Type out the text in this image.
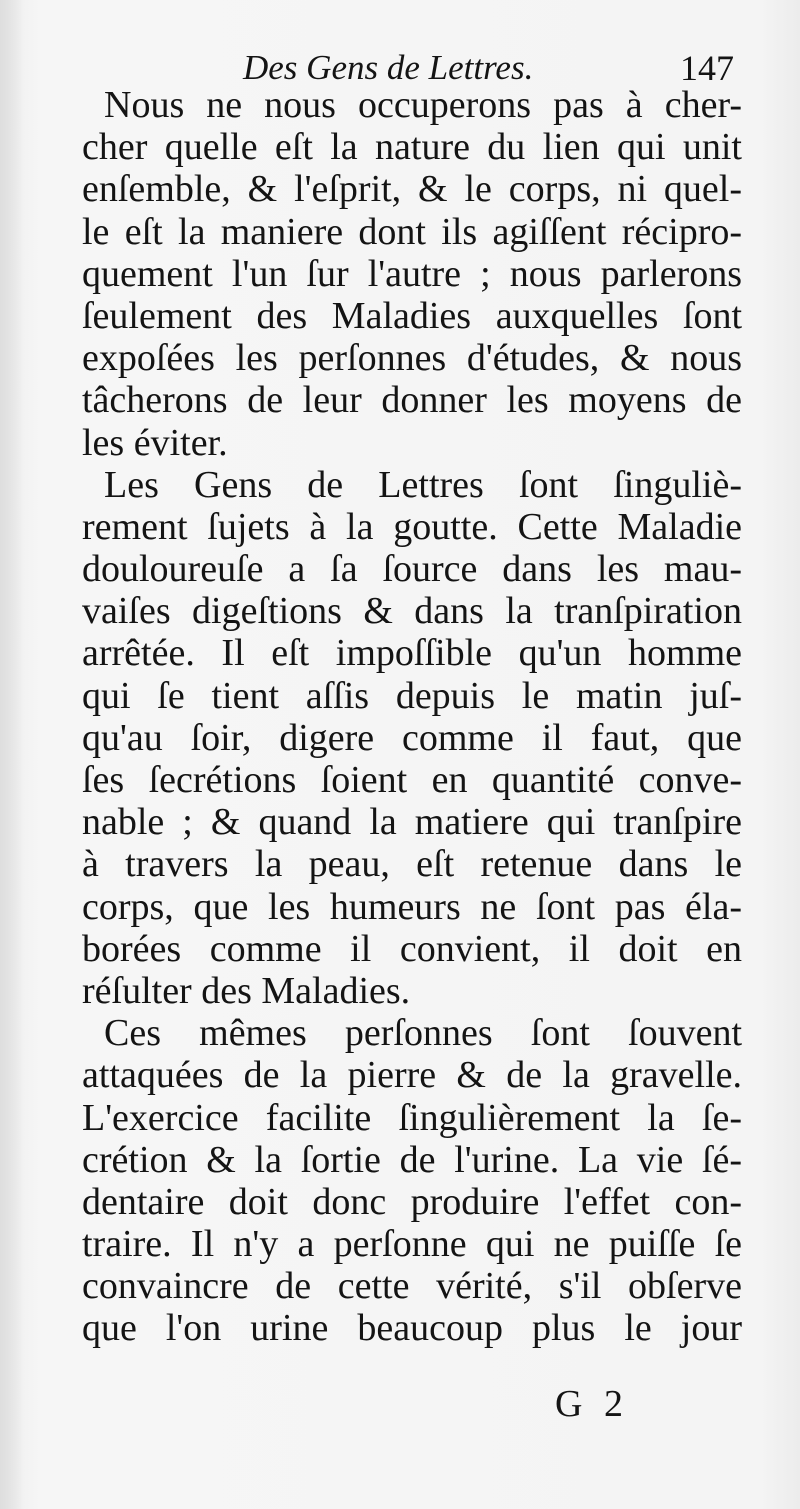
Des Gens de Lettres.	147

Nous ne nous occuperons pas à cher-
cher quelle eſt la nature du lien qui unit
enſemble, & l'eſprit, & le corps, ni quel-
le eſt la maniere dont ils agiſſent récipro-
quement l'un ſur l'autre ; nous parlerons
ſeulement des Maladies auxquelles ſont
expoſées les perſonnes d'études, & nous
tâcherons de leur donner les moyens de
les éviter.

Les Gens de Lettres ſont ſinguliè-
rement ſujets à la goutte. Cette Maladie
douloureuſe a ſa ſource dans les mau-
vaiſes digeſtions & dans la tranſpiration
arrêtée. Il eſt impoſſible qu'un homme
qui ſe tient aſſis depuis le matin juſ-
qu'au ſoir, digere comme il faut, que
ſes ſecrétions ſoient en quantité conve-
nable ; & quand la matiere qui tranſpire
à travers la peau, eſt retenue dans le
corps, que les humeurs ne ſont pas éla-
borées comme il convient, il doit en
réſulter des Maladies.

Ces mêmes perſonnes ſont ſouvent
attaquées de la pierre & de la gravelle.
L'exercice facilite ſingulièrement la ſe-
crétion & la ſortie de l'urine. La vie ſé-
dentaire doit donc produire l'effet con-
traire. Il n'y a perſonne qui ne puiſſe ſe
convaincre de cette vérité, s'il obſerve
que l'on urine beaucoup plus le jour

G 2
